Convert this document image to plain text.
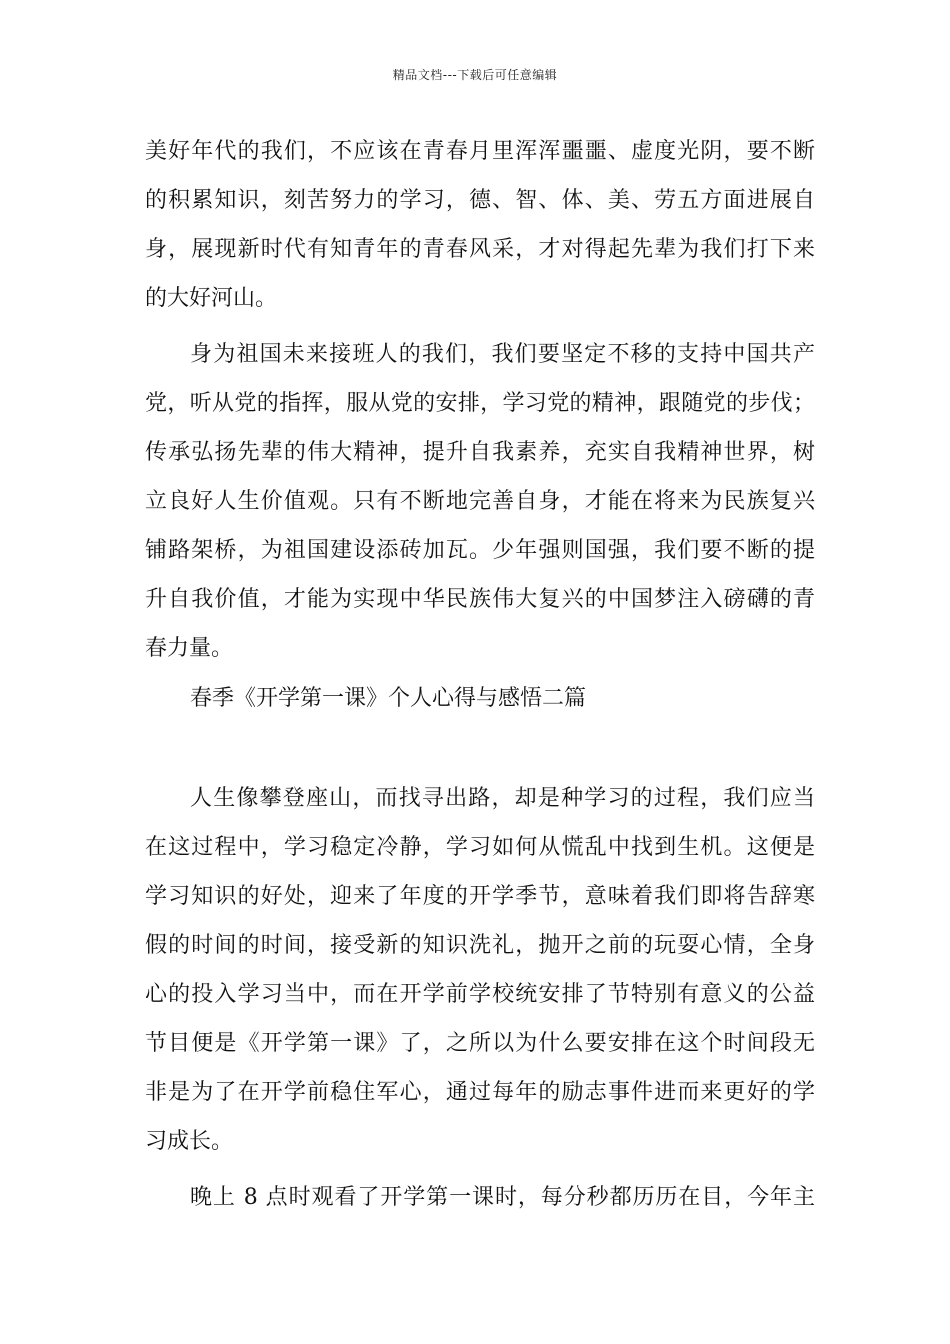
精品文档---下载后可任意编辑
美好年代的我们，不应该在青春月里浑浑噩噩、虚度光阴，要不断
的积累知识，刻苦努力的学习，德、智、体、美、劳五方面进展自
身，展现新时代有知青年的青春风采，才对得起先辈为我们打下来
的大好河山。
身为祖国未来接班人的我们，我们要坚定不移的支持中国共产
党，听从党的指挥，服从党的安排，学习党的精神，跟随党的步伐；
传承弘扬先辈的伟大精神，提升自我素养，充实自我精神世界，树
立良好人生价值观。只有不断地完善自身，才能在将来为民族复兴
铺路架桥，为祖国建设添砖加瓦。少年强则国强，我们要不断的提
升自我价值，才能为实现中华民族伟大复兴的中国梦注入磅礴的青
春力量。
春季《开学第一课》个人心得与感悟二篇
人生像攀登座山，而找寻出路，却是种学习的过程，我们应当
在这过程中，学习稳定冷静，学习如何从慌乱中找到生机。这便是
学习知识的好处，迎来了年度的开学季节，意味着我们即将告辞寒
假的时间的时间，接受新的知识洗礼，抛开之前的玩耍心情，全身
心的投入学习当中，而在开学前学校统安排了节特别有意义的公益
节目便是《开学第一课》了，之所以为什么要安排在这个时间段无
非是为了在开学前稳住军心，通过每年的励志事件进而来更好的学
习成长。
晚上 8 点时观看了开学第一课时，每分秒都历历在目，今年主
